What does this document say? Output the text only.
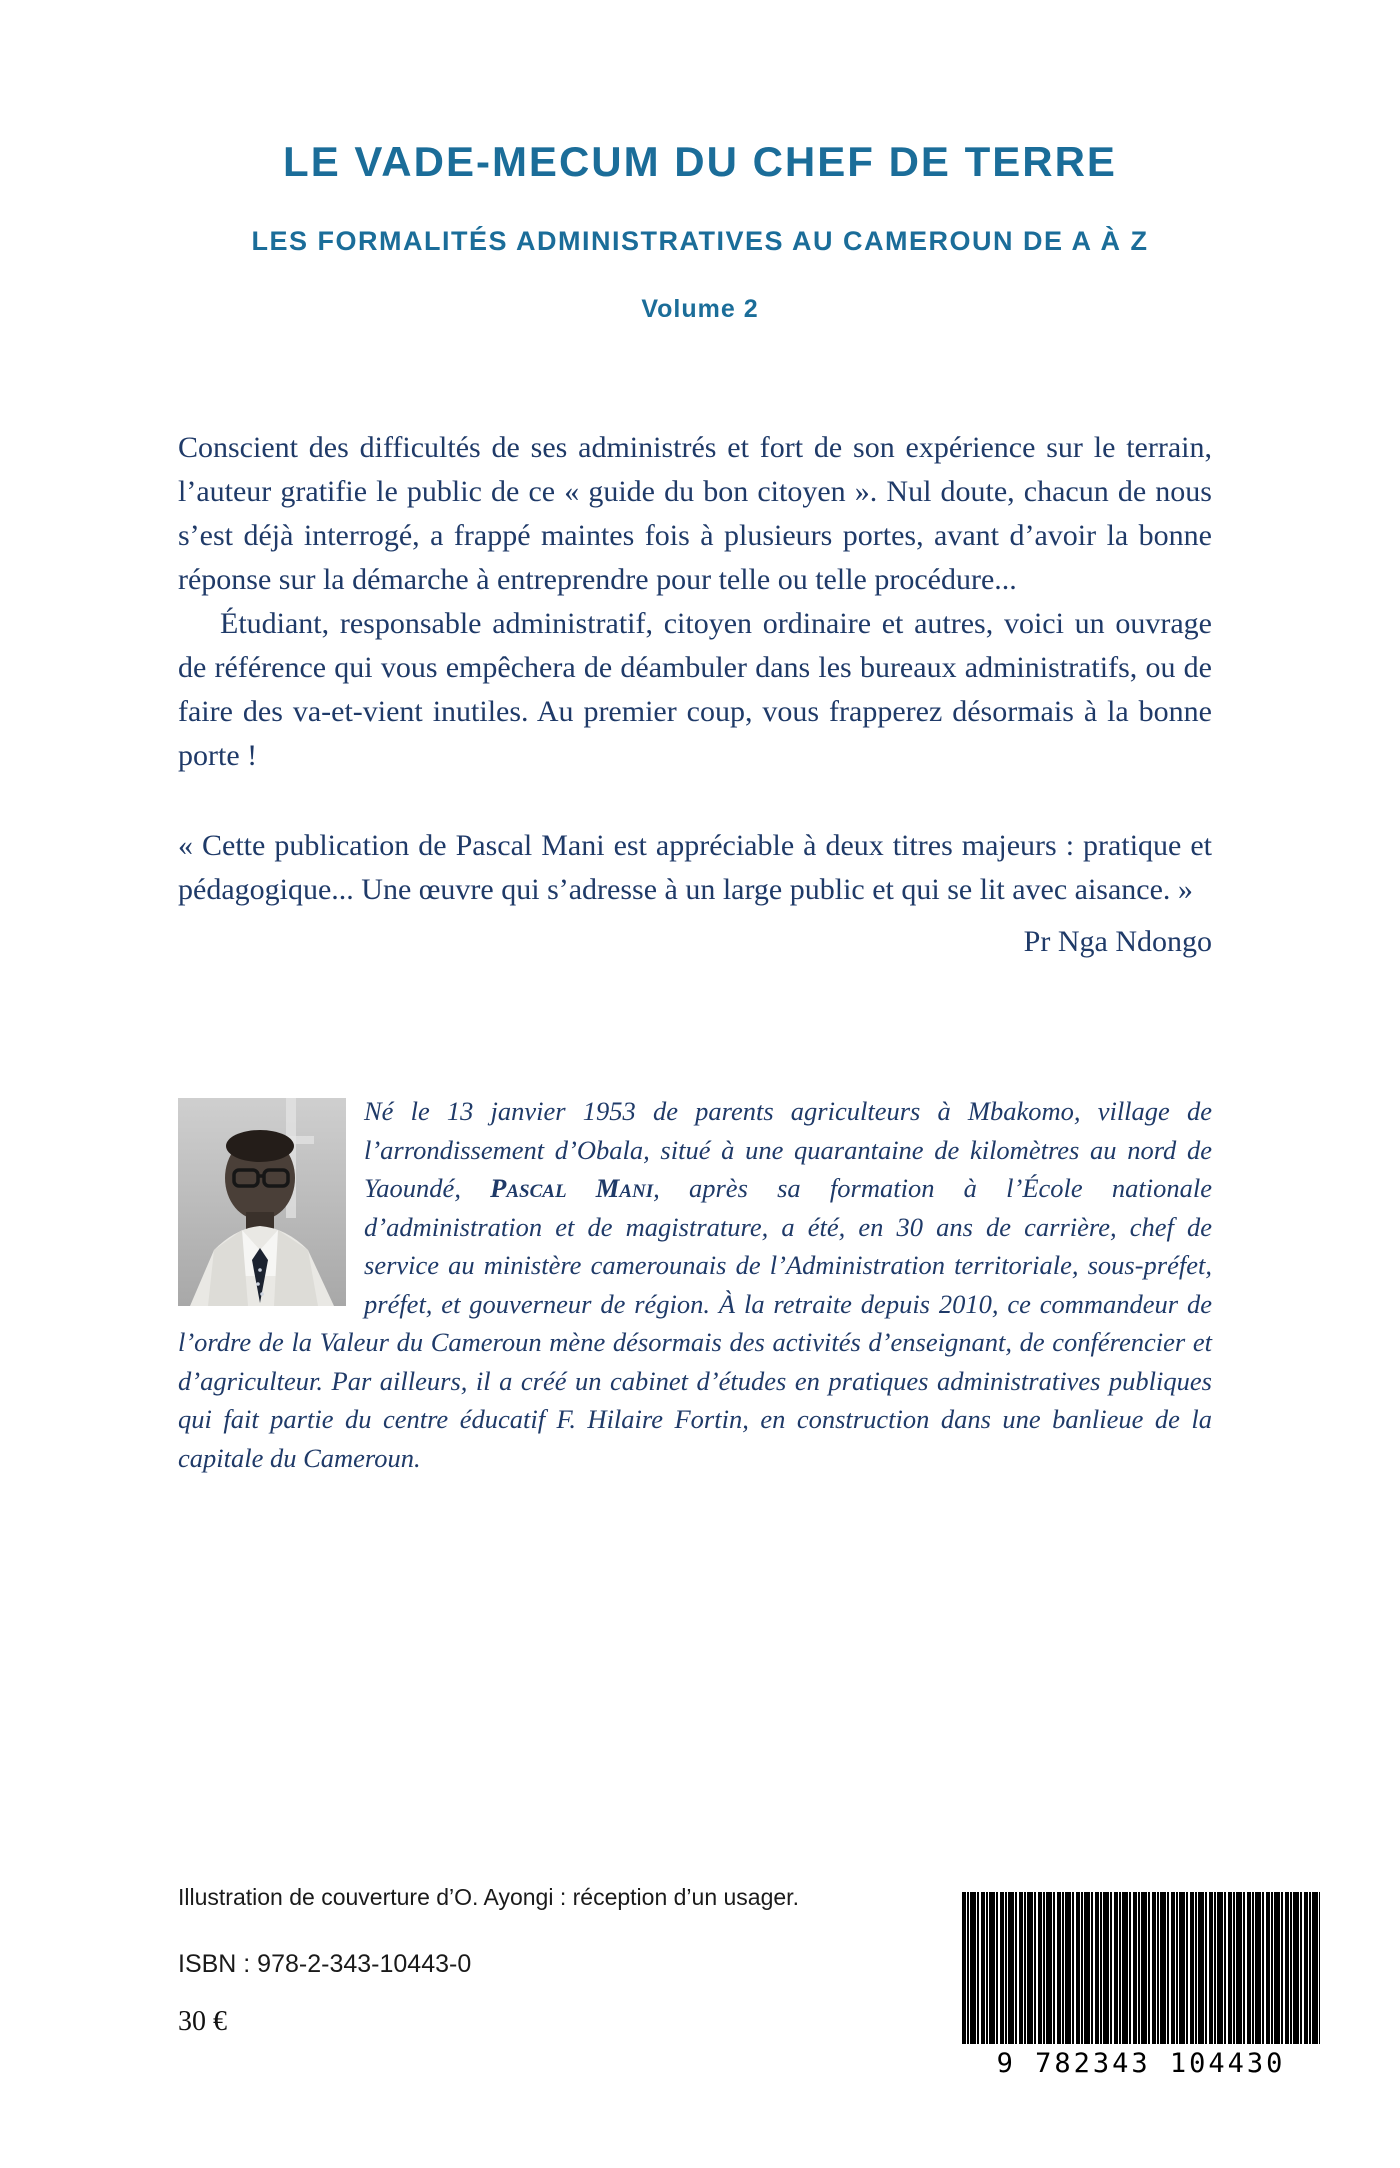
LE VADE-MECUM DU CHEF DE TERRE
LES FORMALITÉS ADMINISTRATIVES AU CAMEROUN DE A À Z
Volume 2

Conscient des difficultés de ses administrés et fort de son expérience sur le terrain, l’auteur gratifie le public de ce « guide du bon citoyen ». Nul doute, chacun de nous s’est déjà interrogé, a frappé maintes fois à plusieurs portes, avant d’avoir la bonne réponse sur la démarche à entreprendre pour telle ou telle procédure...

Étudiant, responsable administratif, citoyen ordinaire et autres, voici un ouvrage de référence qui vous empêchera de déambuler dans les bureaux administratifs, ou de faire des va-et-vient inutiles. Au premier coup, vous frapperez désormais à la bonne porte !

« Cette publication de Pascal Mani est appréciable à deux titres majeurs : pratique et pédagogique... Une œuvre qui s’adresse à un large public et qui se lit avec aisance. »

Pr Nga Ndongo

Né le 13 janvier 1953 de parents agriculteurs à Mbakomo, village de l’arrondissement d’Obala, situé à une quarantaine de kilomètres au nord de Yaoundé, Pascal Mani, après sa formation à l’École nationale d’administration et de magistrature, a été, en 30 ans de carrière, chef de service au ministère camerounais de l’Administration territoriale, sous-préfet, préfet, et gouverneur de région. À la retraite depuis 2010, ce commandeur de l’ordre de la Valeur du Cameroun mène désormais des activités d’enseignant, de conférencier et d’agriculteur. Par ailleurs, il a créé un cabinet d’études en pratiques administratives publiques qui fait partie du centre éducatif F. Hilaire Fortin, en construction dans une banlieue de la capitale du Cameroun.

Illustration de couverture d’O. Ayongi : réception d’un usager.

ISBN : 978-2-343-10443-0

30 €

9 782343 104430
